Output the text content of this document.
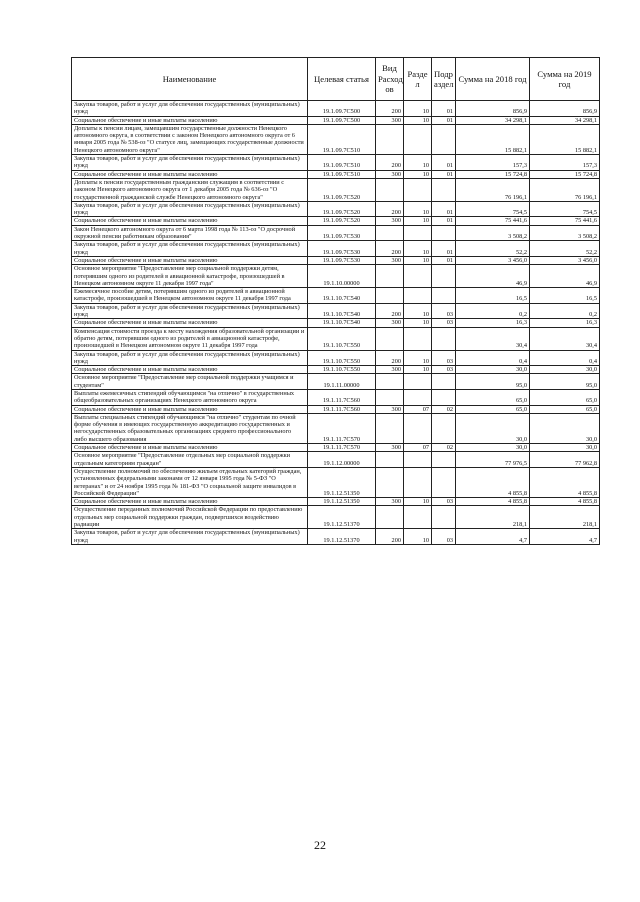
Наименование	Целевая статья	Вид Расход ов	Разде л	Подр аздел	Сумма на 2018 год	Сумма на 2019 год
Закупка товаров, работ и услуг для обеспечения государственных (муниципальных) нужд	19.1.09.7С500	200	10	01	856,9	856,9
Социальное обеспечение и иные выплаты населению	19.1.09.7С500	300	10	01	34 298,1	34 298,1
Доплаты к пенсии лицам, замещавшим государственные должности Ненецкого автономного округа, в соответствии с законом Ненецкого автономного округа от 6 января 2005 года № 538-оз "О статусе лиц, замещающих государственные должности Ненецкого автономного округа"	19.1.09.7С510				15 882,1	15 882,1
Закупка товаров, работ и услуг для обеспечения государственных (муниципальных) нужд	19.1.09.7С510	200	10	01	157,3	157,3
Социальное обеспечение и иные выплаты населению	19.1.09.7С510	300	10	01	15 724,8	15 724,8
Доплаты к пенсии государственным гражданским служащим в соответствии с законом Ненецкого автономного округа от 1 декабря 2005 года № 636-оз "О государственной гражданской службе Ненецкого автономного округа"	19.1.09.7С520				76 196,1	76 196,1
Закупка товаров, работ и услуг для обеспечения государственных (муниципальных) нужд	19.1.09.7С520	200	10	01	754,5	754,5
Социальное обеспечение и иные выплаты населению	19.1.09.7С520	300	10	01	75 441,6	75 441,6
Закон Ненецкого автономного округа от 6 марта 1998 года № 113-оз "О досрочной окружной пенсии работникам образования"	19.1.09.7С530				3 508,2	3 508,2
Закупка товаров, работ и услуг для обеспечения государственных (муниципальных) нужд	19.1.09.7С530	200	10	01	52,2	52,2
Социальное обеспечение и иные выплаты населению	19.1.09.7С530	300	10	01	3 456,0	3 456,0
Основное мероприятие "Предоставление мер социальной поддержки детям, потерявшим одного из родителей в авиационной катастрофе, произошедшей в Ненецком автономном округе 11 декабря 1997 года"	19.1.10.00000				46,9	46,9
Ежемесячное пособие детям, потерявшим одного из родителей в авиационной катастрофе, произошедшей в Ненецком автономном округе 11 декабря 1997 года	19.1.10.7С540				16,5	16,5
Закупка товаров, работ и услуг для обеспечения государственных (муниципальных) нужд	19.1.10.7С540	200	10	03	0,2	0,2
Социальное обеспечение и иные выплаты населению	19.1.10.7С540	300	10	03	16,3	16,3
Компенсация стоимости проезда к месту нахождения образовательной организации и обратно детям, потерявшим одного из родителей в авиационной катастрофе, произошедшей в Ненецком автономном округе 11 декабря 1997 года	19.1.10.7С550				30,4	30,4
Закупка товаров, работ и услуг для обеспечения государственных (муниципальных) нужд	19.1.10.7С550	200	10	03	0,4	0,4
Социальное обеспечение и иные выплаты населению	19.1.10.7С550	300	10	03	30,0	30,0
Основное мероприятие "Предоставление мер социальной поддержки учащимся и студентам"	19.1.11.00000				95,0	95,0
Выплаты ежемесячных стипендий обучающимся "на отлично" в государственных общеобразовательных организациях Ненецкого автономного округа	19.1.11.7С560				65,0	65,0
Социальное обеспечение и иные выплаты населению	19.1.11.7С560	300	07	02	65,0	65,0
Выплаты специальных стипендий обучающимся "на отлично" студентам по очной форме обучения в имеющих государственную аккредитацию государственных и негосударственных образовательных организациях среднего профессионального либо высшего образования	19.1.11.7С570				30,0	30,0
Социальное обеспечение и иные выплаты населению	19.1.11.7С570	300	07	02	30,0	30,0
Основное мероприятие "Предоставление отдельных мер социальной поддержки отдельным категориям граждан"	19.1.12.00000				77 976,5	77 962,8
Осуществление полномочий по обеспечению жильем отдельных категорий граждан, установленных федеральными законами от 12 января 1995 года № 5-ФЗ "О ветеранах" и от 24 ноября 1995 года № 181-ФЗ "О социальной защите инвалидов в Российской Федерации"	19.1.12.51350				4 855,8	4 855,8
Социальное обеспечение и иные выплаты населению	19.1.12.51350	300	10	03	4 855,8	4 855,8
Осуществление переданных полномочий Российской Федерации по предоставлению отдельных мер социальной поддержки граждан, подвергшихся воздействию радиации	19.1.12.51370				218,1	218,1
Закупка товаров, работ и услуг для обеспечения государственных (муниципальных) нужд	19.1.12.51370	200	10	03	4,7	4,7
22
